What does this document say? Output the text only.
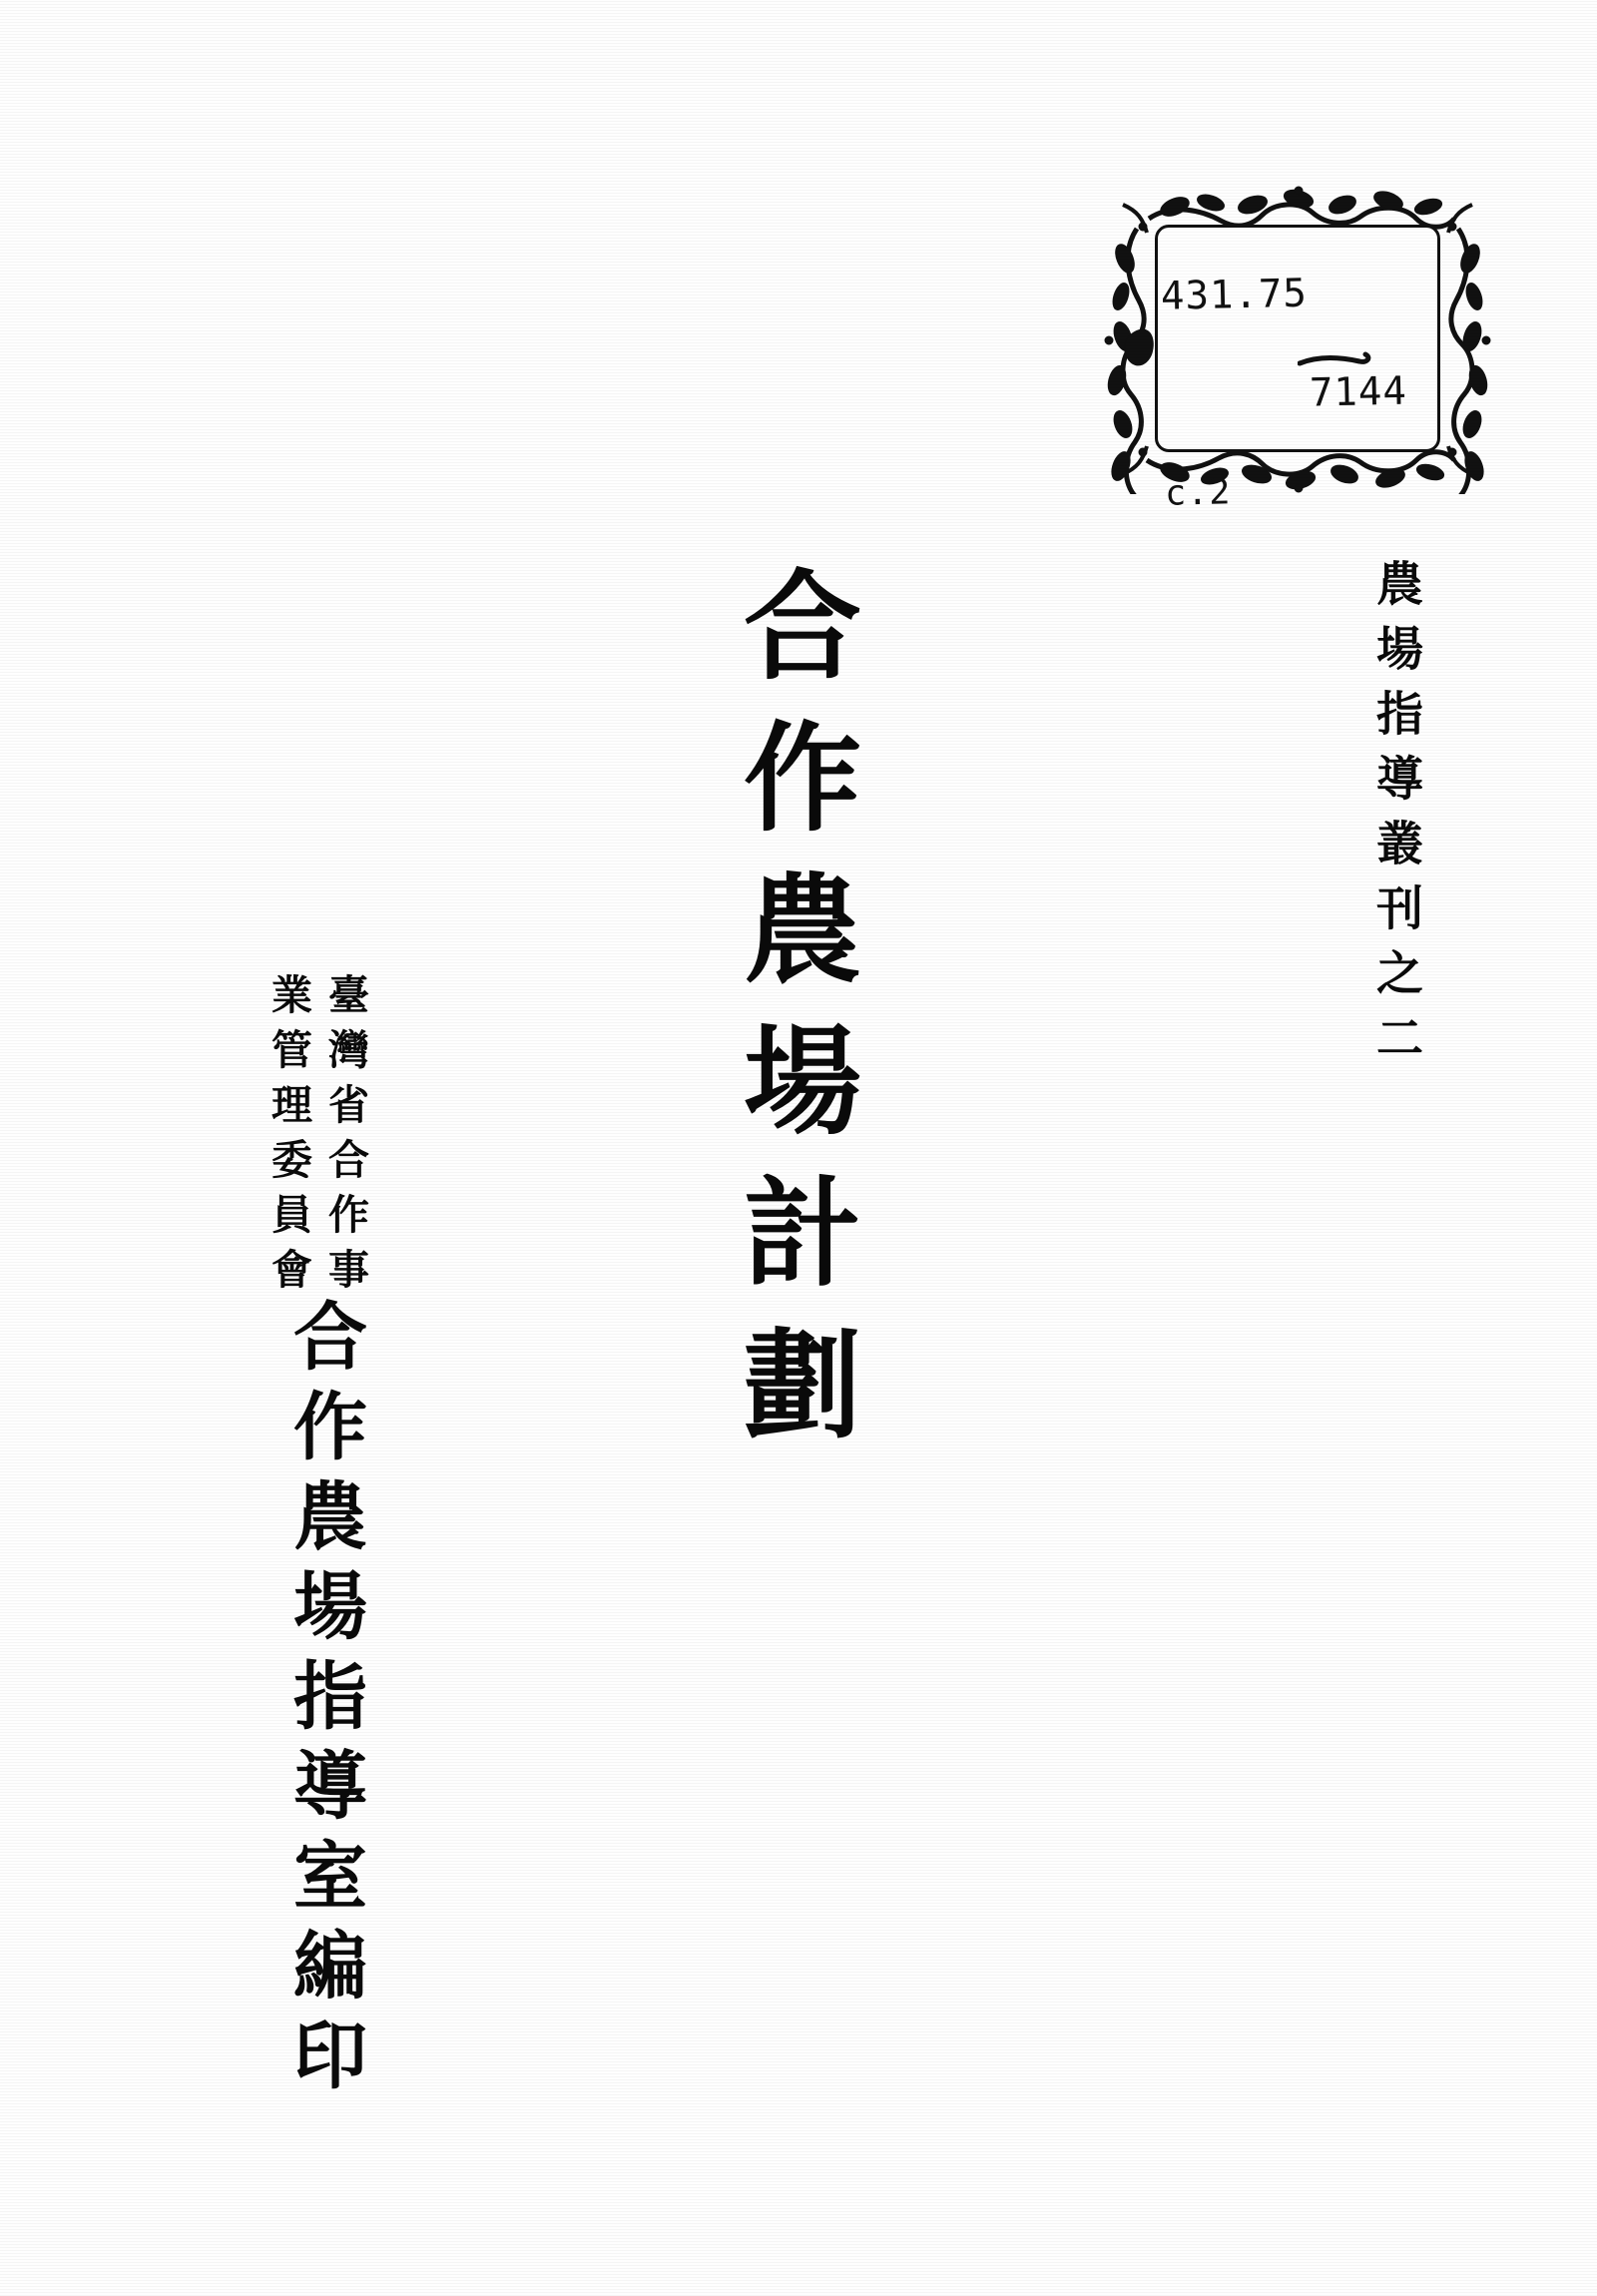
431.75

7144

c.2
農場指導叢刊之二
合作農場計劃
臺灣省合作事
業管理委員會
合作農場指導室編印
